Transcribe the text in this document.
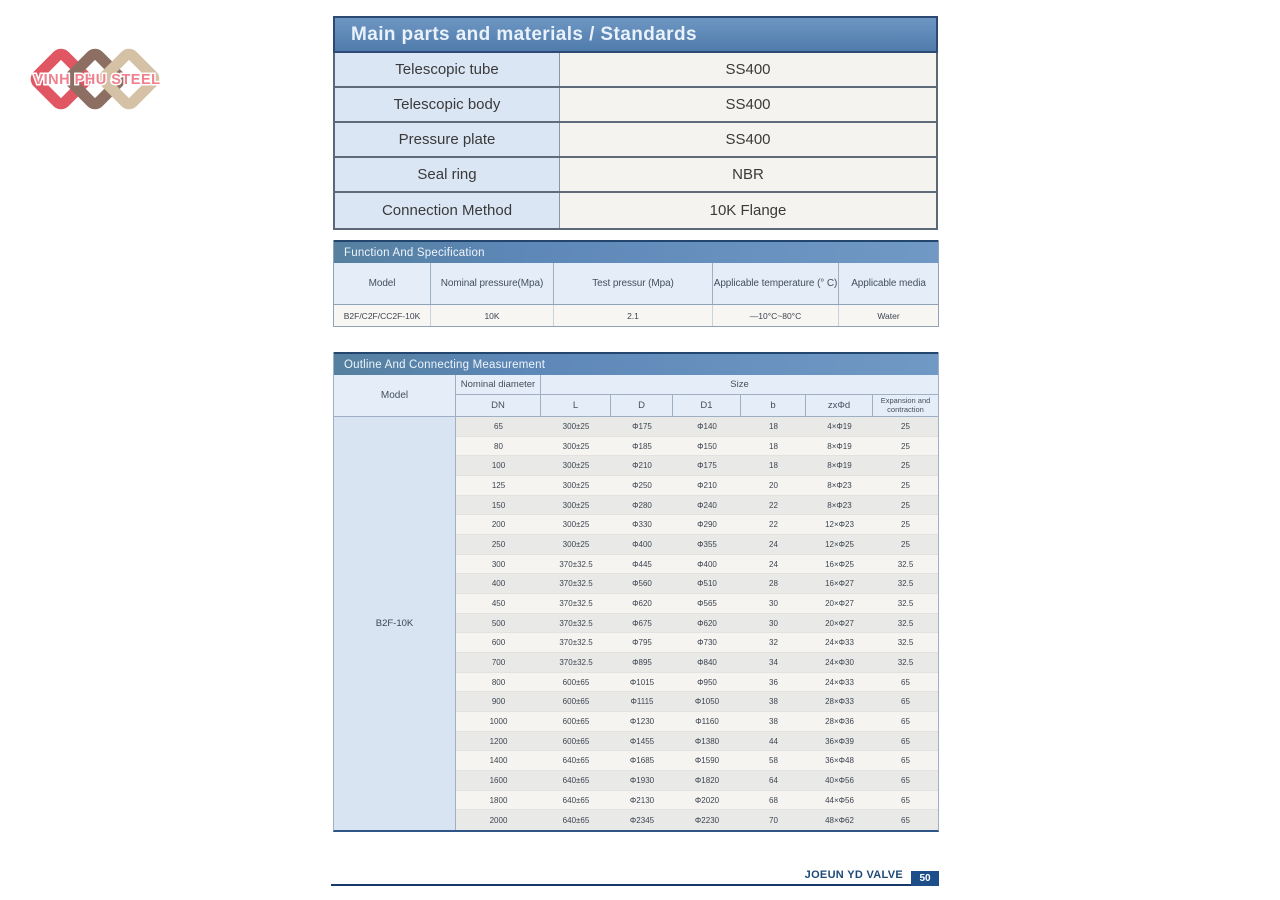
VINH PHU STEEL
Main parts and materials / Standards
Telescopic tube	SS400
Telescopic body	SS400
Pressure plate	SS400
Seal ring	NBR
Connection Method	10K Flange
Function And Specification
Model	Nominal pressure(Mpa)	Test pressur (Mpa)	Applicable temperature (° C)	Applicable media
B2F/C2F/CC2F-10K	10K	2.1	—10°C~80°C	Water
Outline And Connecting Measurement
Model
B2F-10K
Nominal diameter	Size
DN	L	D	D1	b	zxΦd	Expansion and contraction
65	300±25	Φ175	Φ140	18	4×Φ19	25
80	300±25	Φ185	Φ150	18	8×Φ19	25
100	300±25	Φ210	Φ175	18	8×Φ19	25
125	300±25	Φ250	Φ210	20	8×Φ23	25
150	300±25	Φ280	Φ240	22	8×Φ23	25
200	300±25	Φ330	Φ290	22	12×Φ23	25
250	300±25	Φ400	Φ355	24	12×Φ25	25
300	370±32.5	Φ445	Φ400	24	16×Φ25	32.5
400	370±32.5	Φ560	Φ510	28	16×Φ27	32.5
450	370±32.5	Φ620	Φ565	30	20×Φ27	32.5
500	370±32.5	Φ675	Φ620	30	20×Φ27	32.5
600	370±32.5	Φ795	Φ730	32	24×Φ33	32.5
700	370±32.5	Φ895	Φ840	34	24×Φ30	32.5
800	600±65	Φ1015	Φ950	36	24×Φ33	65
900	600±65	Φ1115	Φ1050	38	28×Φ33	65
1000	600±65	Φ1230	Φ1160	38	28×Φ36	65
1200	600±65	Φ1455	Φ1380	44	36×Φ39	65
1400	640±65	Φ1685	Φ1590	58	36×Φ48	65
1600	640±65	Φ1930	Φ1820	64	40×Φ56	65
1800	640±65	Φ2130	Φ2020	68	44×Φ56	65
2000	640±65	Φ2345	Φ2230	70	48×Φ62	65
JOEUN YD VALVE	50
